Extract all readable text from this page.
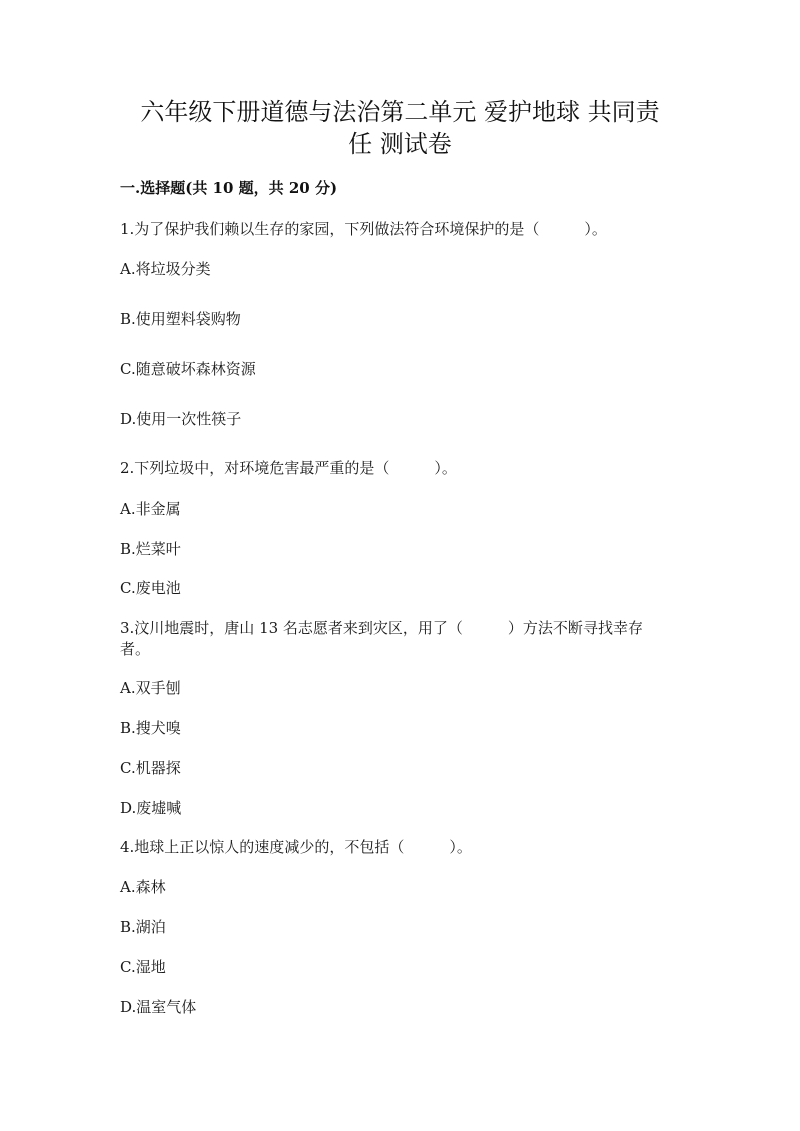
六年级下册道德与法治第二单元 爱护地球 共同责
任 测试卷
一.选择题(共 10 题，共 20 分)
1.为了保护我们赖以生存的家园，下列做法符合环境保护的是（　　　）。
A.将垃圾分类
B.使用塑料袋购物
C.随意破坏森林资源
D.使用一次性筷子
2.下列垃圾中，对环境危害最严重的是（　　　）。
A.非金属
B.烂菜叶
C.废电池
3.汶川地震时，唐山 13 名志愿者来到灾区，用了（　　　）方法不断寻找幸存
者。
A.双手刨
B.搜犬嗅
C.机器探
D.废墟喊
4.地球上正以惊人的速度减少的，不包括（　　　）。
A.森林
B.湖泊
C.湿地
D.温室气体
